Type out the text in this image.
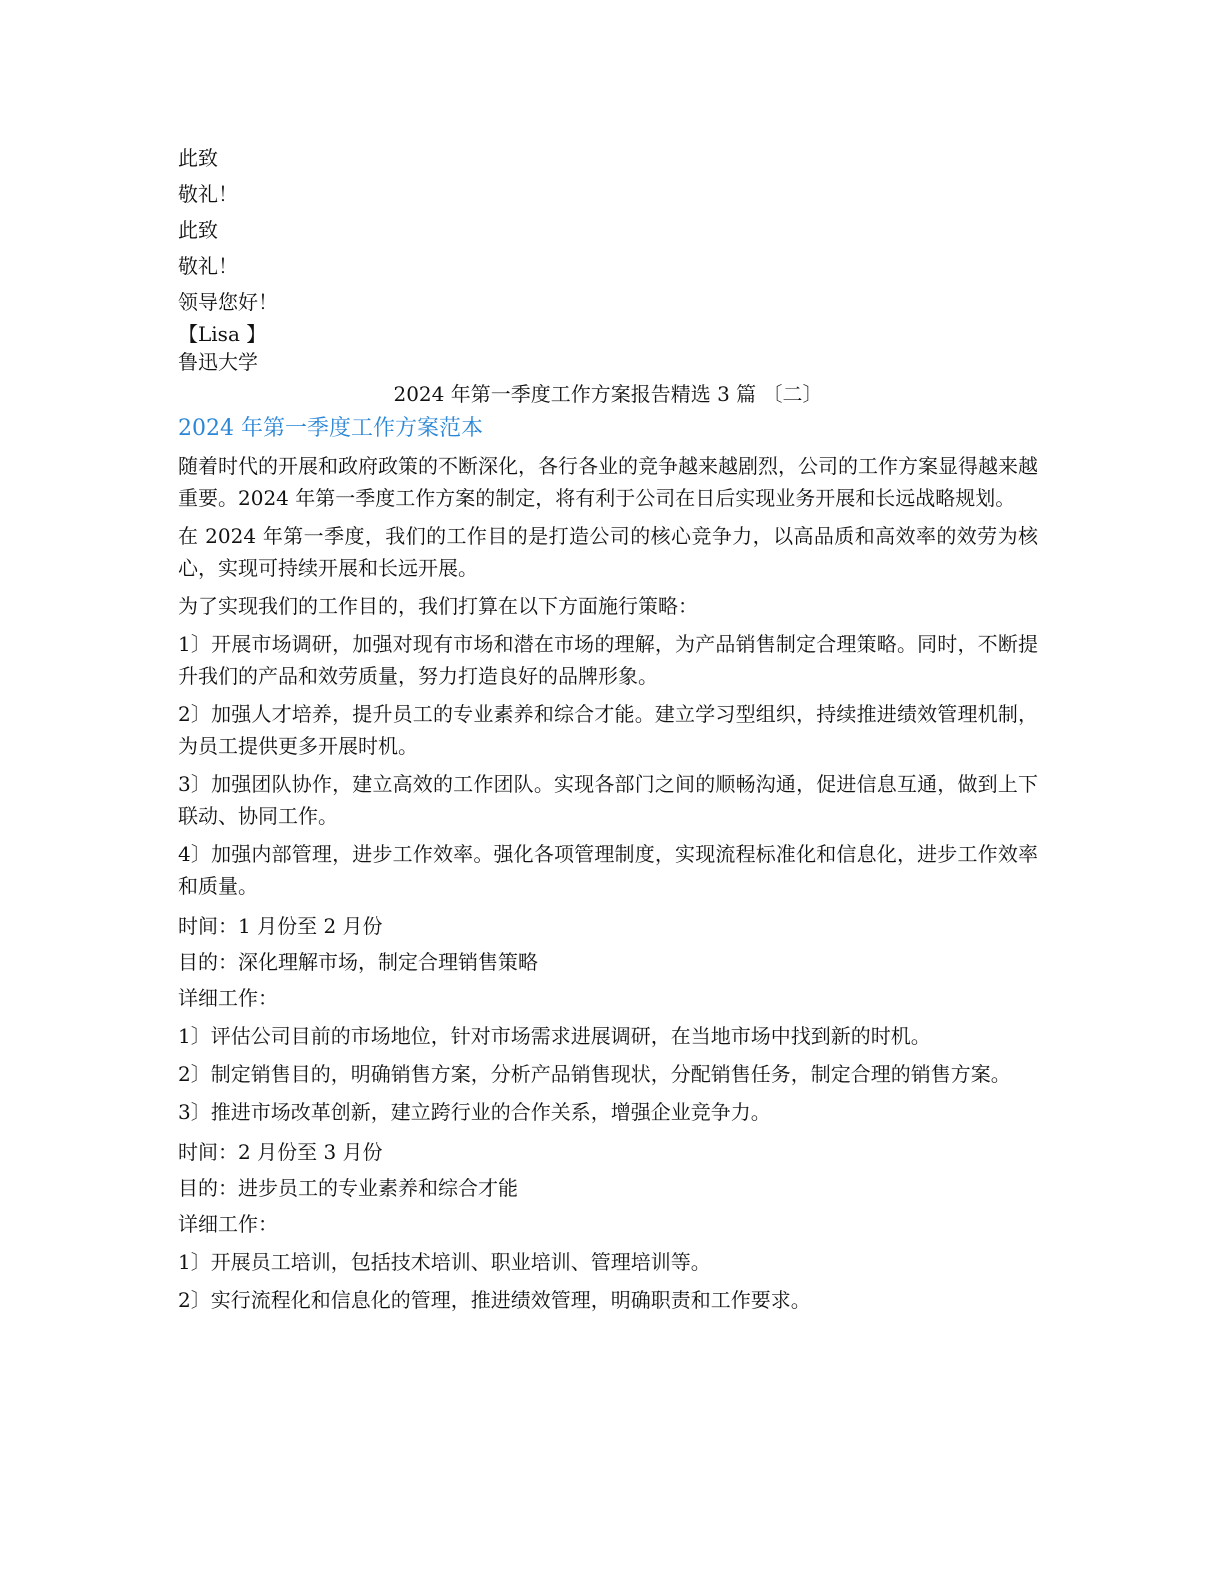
此致
敬礼！
此致
敬礼！
领导您好！
【Lisa 】
鲁迅大学
2024 年第一季度工作方案报告精选 3 篇 〔二〕
2024 年第一季度工作方案范本
随着时代的开展和政府政策的不断深化，各行各业的竞争越来越剧烈，公司的工作方案显得越来越重要。2024 年第一季度工作方案的制定，将有利于公司在日后实现业务开展和长远战略规划。
在 2024 年第一季度，我们的工作目的是打造公司的核心竞争力，以高品质和高效率的效劳为核心，实现可持续开展和长远开展。
为了实现我们的工作目的，我们打算在以下方面施行策略：
1〕开展市场调研，加强对现有市场和潜在市场的理解，为产品销售制定合理策略。同时，不断提升我们的产品和效劳质量，努力打造良好的品牌形象。
2〕加强人才培养，提升员工的专业素养和综合才能。建立学习型组织，持续推进绩效管理机制，为员工提供更多开展时机。
3〕加强团队协作，建立高效的工作团队。实现各部门之间的顺畅沟通，促进信息互通，做到上下联动、协同工作。
4〕加强内部管理，进步工作效率。强化各项管理制度，实现流程标准化和信息化，进步工作效率和质量。
时间：1 月份至 2 月份
目的：深化理解市场，制定合理销售策略
详细工作：
1〕评估公司目前的市场地位，针对市场需求进展调研，在当地市场中找到新的时机。
2〕制定销售目的，明确销售方案，分析产品销售现状，分配销售任务，制定合理的销售方案。
3〕推进市场改革创新，建立跨行业的合作关系，增强企业竞争力。
时间：2 月份至 3 月份
目的：进步员工的专业素养和综合才能
详细工作：
1〕开展员工培训，包括技术培训、职业培训、管理培训等。
2〕实行流程化和信息化的管理，推进绩效管理，明确职责和工作要求。
